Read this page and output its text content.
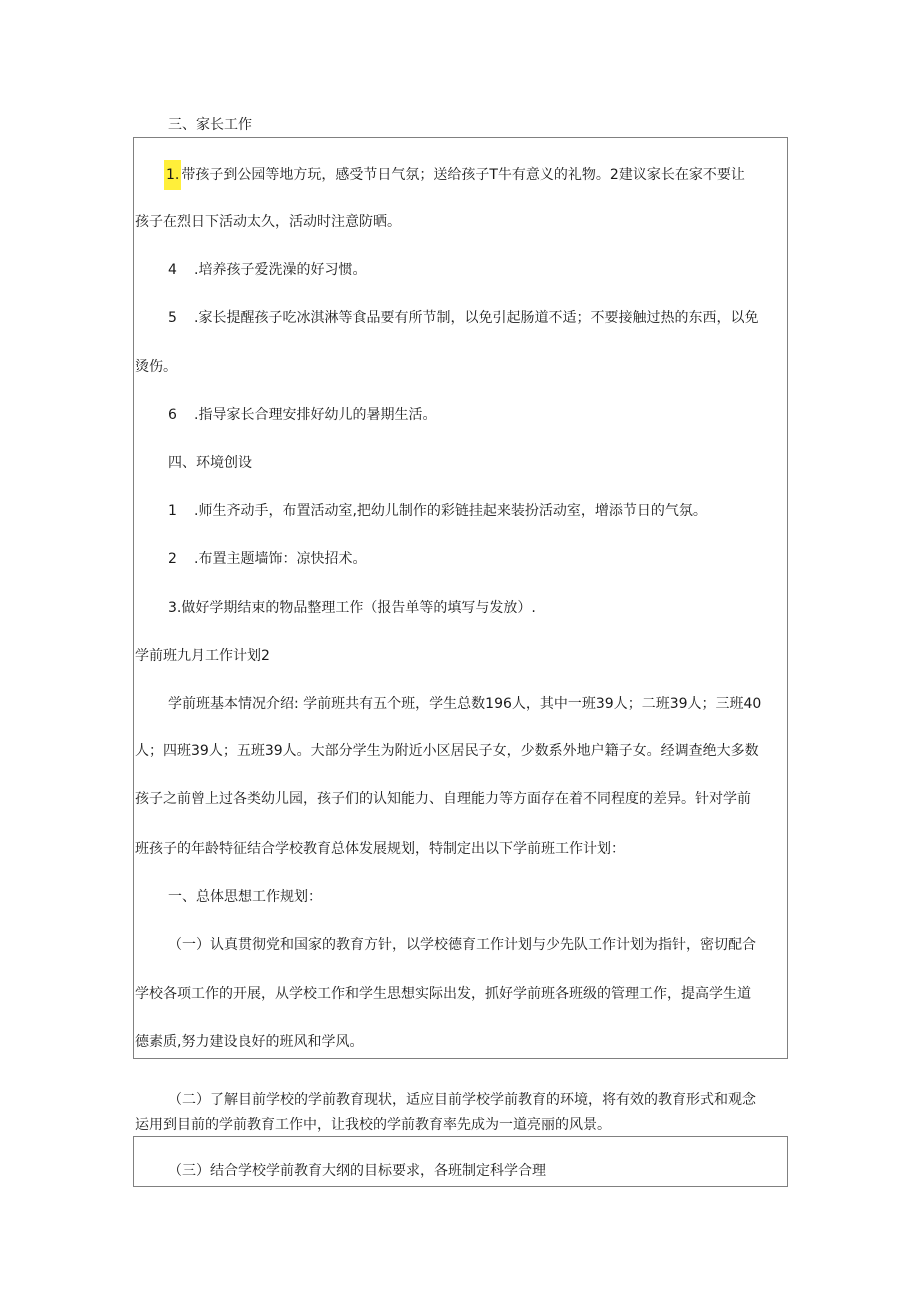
三、家长工作
1. 带孩子到公园等地方玩，感受节日气氛；送给孩子T牛有意义的礼物。2建议家长在家不要让
孩子在烈日下活动太久，活动时注意防晒。
4 .培养孩子爱洗澡的好习惯。
5 .家长提醒孩子吃冰淇淋等食品要有所节制，以免引起肠道不适；不要接触过热的东西，以免
烫伤。
6 .指导家长合理安排好幼儿的暑期生活。
四、环境创设
1 .师生齐动手，布置活动室,把幼儿制作的彩链挂起来装扮活动室，增添节日的气氛。
2 .布置主题墙饰：凉快招术。
3.做好学期结束的物品整理工作（报告单等的填写与发放）.
学前班九月工作计划2
学前班基本情况介绍: 学前班共有五个班，学生总数196人，其中一班39人；二班39人；三班40
人；四班39人；五班39人。大部分学生为附近小区居民子女，少数系外地户籍子女。经调查绝大多数
孩子之前曾上过各类幼儿园，孩子们的认知能力、自理能力等方面存在着不同程度的差异。针对学前
班孩子的年龄特征结合学校教育总体发展规划，特制定出以下学前班工作计划：
一、总体思想工作规划：
（一）认真贯彻党和国家的教育方针，以学校德育工作计划与少先队工作计划为指针，密切配合
学校各项工作的开展，从学校工作和学生思想实际出发，抓好学前班各班级的管理工作，提高学生道
德素质,努力建设良好的班风和学风。
（二）了解目前学校的学前教育现状，适应目前学校学前教育的环境，将有效的教育形式和观念
运用到目前的学前教育工作中，让我校的学前教育率先成为一道亮丽的风景。
（三）结合学校学前教育大纲的目标要求，各班制定科学合理
